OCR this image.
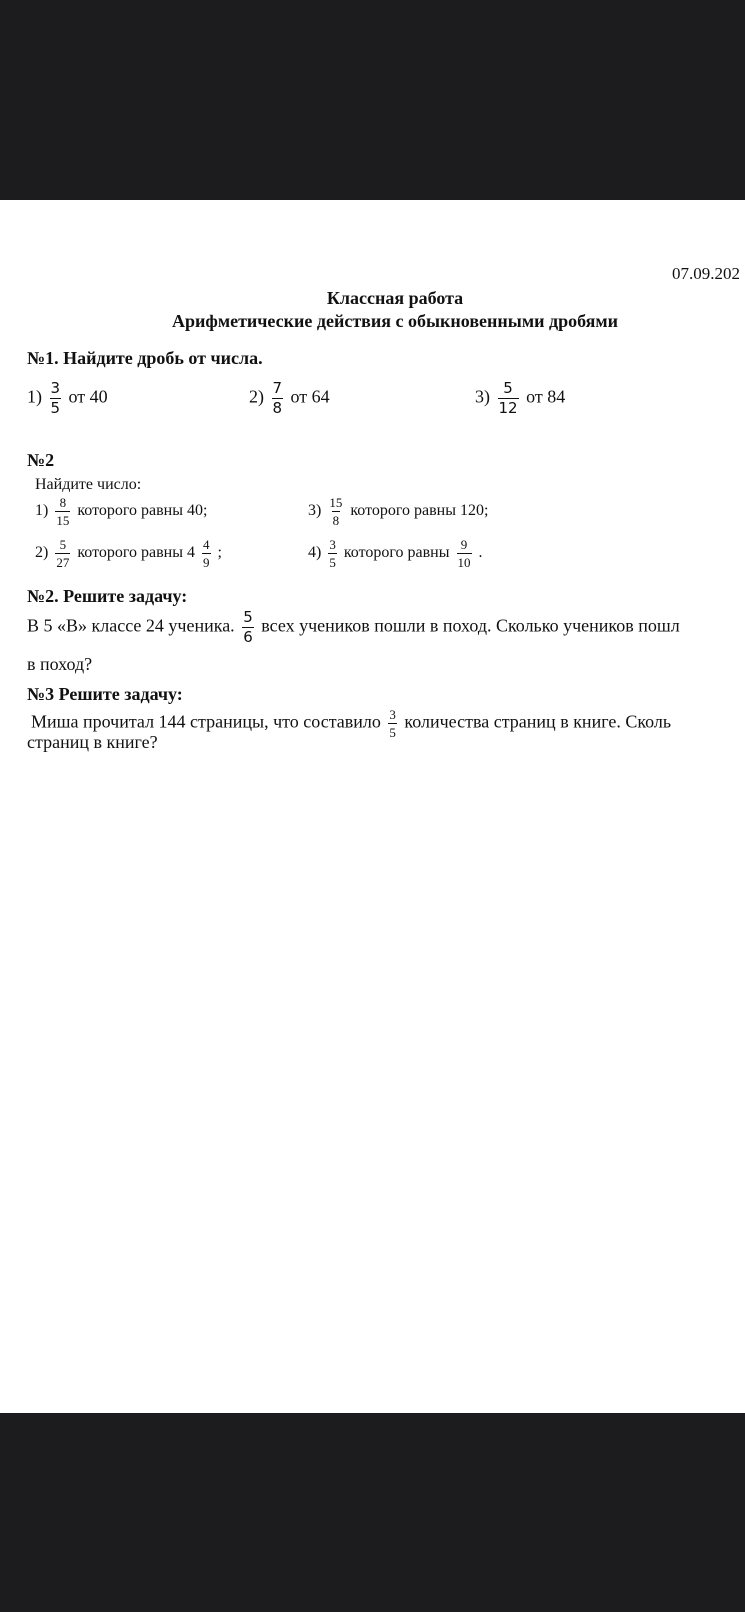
07.09.202
Классная работа
Арифметические действия с обыкновенными дробями
№1. Найдите дробь от числа.
$1) \frac{3}{5}$ от 40	$2) \frac{7}{8}$ от 64	$3) \frac{5}{12}$ от 84
№2
Найдите число:
$1) \frac{8}{15}$ которого равны 40;	$3) \frac{15}{8}$ которого равны 120;
$2) \frac{5}{27}$ которого равны $4 \frac{4}{9}$ ;	$4) \frac{3}{5}$ которого равны $\frac{9}{10}$ .
№2. Решите задачу:
В 5 «В» классе 24 ученика. $\frac{5}{6}$ всех учеников пошли в поход. Сколько учеников пошл
в поход?
№3 Решите задачу:
Миша прочитал 144 страницы, что составило $\frac{3}{5}$ количества страниц в книге. Сколь
страниц в книге?
